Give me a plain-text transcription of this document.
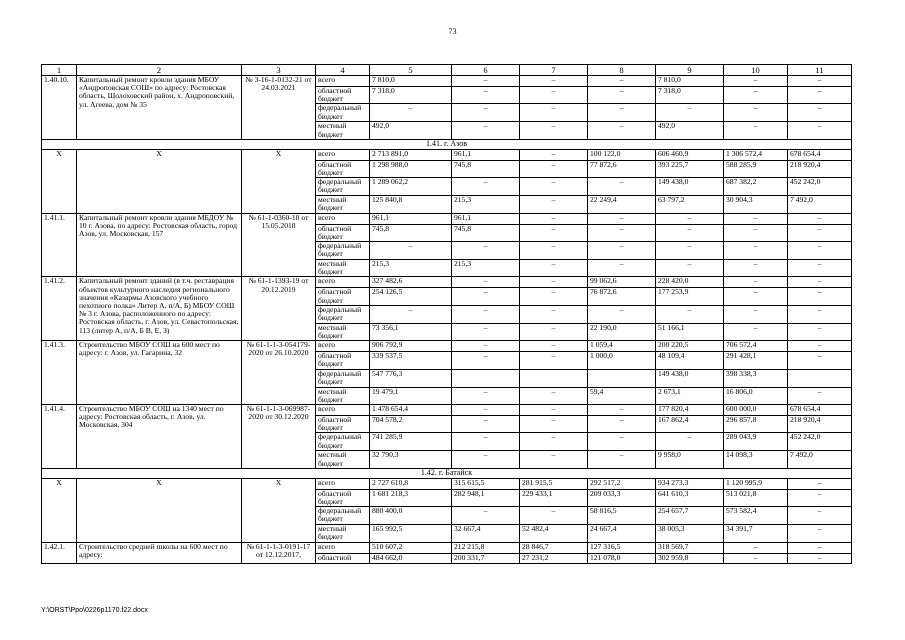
73
1	2	3	4	5	6	7	8	9	10	11
1.40.10.	Капитальный ремонт кровли здания МБОУ «Андроповская СОШ» по адресу: Ростовская область, Шолоховский район, х. Андроповский, ул. Агеева, дом № 35	№ 3-16-1-0132-21 от 24.03.2021	всего	7 810,0	–	–	–	7 810,0	–	–
			областной бюджет	7 318,0	–	–	–	7 318,0	–	–
			федеральный бюджет	–	–	–	–	–	–	–
			местный бюджет	492,0	–	–	–	492,0	–	–
1.41. г. Азов										
Х	Х	Х	всего	2 713 891,0	961,1	–	100 122,0	606 460,9	1 306 572,4	678 654,4
			областной бюджет	1 298 988,0	745,8	–	77 872,6	393 225,7	588 285,9	218 920,4
			федеральный бюджет	1 289 062,2	–	–	–	149 438,0	687 382,2	452 242,0
			местный бюджет	125 840,8	215,3	–	22 249,4	63 797,2	30 904,3	7 492,0
1.41.1.	Капитальный ремонт кровли здания МБДОУ № 10 г. Азова, по адресу: Ростовская область, город Азов, ул. Московская, 157	№ 61-1-0360-18 от 15.05.2018	всего	961,1	961,1	–	–	–	–	–
			областной бюджет	745,8	745,8	–	–	–	–	–
			федеральный бюджет	–	–	–	–	–	–	–
			местный бюджет	215,3	215,3	–	–	–	–	–
1.41.2.	Капитальный ремонт зданий (в т.ч. реставрация объектов культурного наследия регионального значения «Казармы Азовского учебного пехотного полка» Литер А, п/А, Б) МБОУ СОШ № 3 г. Азова, расположенного по адресу: Ростовская область, г. Азов, ул. Севастопольская, 113 (литер А, п/А, Б В, Е, З)	№ 61-1-1393-19 от 20.12.2019	всего	327 482,6	–	–	99 062,6	228 420,0	–	–
			областной бюджет	254 126,5	–	–	76 872,6	177 253,9	–	–
			федеральный бюджет	–	–	–	–	–	–	–
			местный бюджет	73 356,1	–	–	22 190,0	51 166,1	–	–
1.41.3.	Строительство МБОУ СОШ на 600 мест по адресу: г. Азов, ул. Гагарина, 32	№ 61-1-1-3-054179-2020 от 26.10.2020	всего	906 792,9	–	–	1 059,4	200 220,5	706 572,4	–
			областной бюджет	339 537,5	–	–	1 000,0	48 109,4	291 428,1	–
			федеральный бюджет	547 776,3				149 438,0	398 338,3	
			местный бюджет	19 479,1	–	–	59,4	2 673,1	16 806,0	–
1.41.4.	Строительство МБОУ СОШ на 1340 мест по адресу: Ростовская область, г. Азов, ул. Московская, 304	№ 61-1-1-3-069987-2020 от 30.12.2020	всего	1 478 654,4	–	–	–	177 820,4	600 000,0	678 654,4
			областной бюджет	704 578,2	–	–	–	167 862,4	296 857,8	218 920,4
			федеральный бюджет	741 285,9	–	–	–	–	289 043,9	452 242,0
			местный бюджет	32 790,3	–	–	–	9 958,0	14 098,3	7 492,0
1.42. г. Батайск										
Х	Х	Х	всего	2 727 610,8	315 615,5	281 915,5	292 517,2	934 273,3	1 120 995,9	–
			областной бюджет	1 681 218,3	282 948,1	229 433,1	209 033,3	641 610,3	513 021,8	–
			федеральный бюджет	880 400,0	–	–	58 816,5	254 657,7	573 582,4	–
			местный бюджет	165 992,5	32 667,4	52 482,4	24 667,4	38 005,3	34 391,7	–
1.42.1.	Строительство средней школы на 600 мест по адресу:	№ 61-1-1-3-0191-17 от 12.12.2017,	всего	510 607,2	212 215,8	28 846,7	127 316,5	318 569,7	–	–
			областной	484 662,0	200 331,7	27 231,2	121 078,0	302 959,8	–	–
Y:\ORST\Ppo\0226p1170.f22.docx
